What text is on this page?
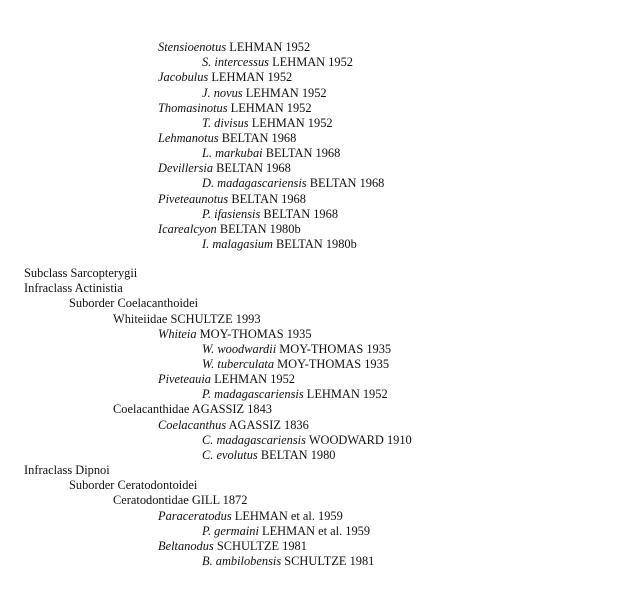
Stensioenotus LEHMAN 1952
S. intercessus LEHMAN 1952
Jacobulus LEHMAN 1952
J. novus LEHMAN 1952
Thomasinotus LEHMAN 1952
T. divisus LEHMAN 1952
Lehmanotus BELTAN 1968
L. markubai BELTAN 1968
Devillersia BELTAN 1968
D. madagascariensis BELTAN 1968
Piveteaunotus BELTAN 1968
P. ifasiensis BELTAN 1968
Icarealcyon BELTAN 1980b
I. malagasium BELTAN 1980b
Subclass Sarcopterygii
Infraclass Actinistia
Suborder Coelacanthoidei
Whiteiidae SCHULTZE 1993
Whiteia MOY-THOMAS 1935
W. woodwardii MOY-THOMAS 1935
W. tuberculata MOY-THOMAS 1935
Piveteauia LEHMAN 1952
P. madagascariensis LEHMAN 1952
Coelacanthidae AGASSIZ 1843
Coelacanthus AGASSIZ 1836
C. madagascariensis WOODWARD 1910
C. evolutus BELTAN 1980
Infraclass Dipnoi
Suborder Ceratodontoidei
Ceratodontidae GILL 1872
Paraceratodus LEHMAN et al. 1959
P. germaini LEHMAN et al. 1959
Beltanodus SCHULTZE 1981
B. ambilobensis SCHULTZE 1981
